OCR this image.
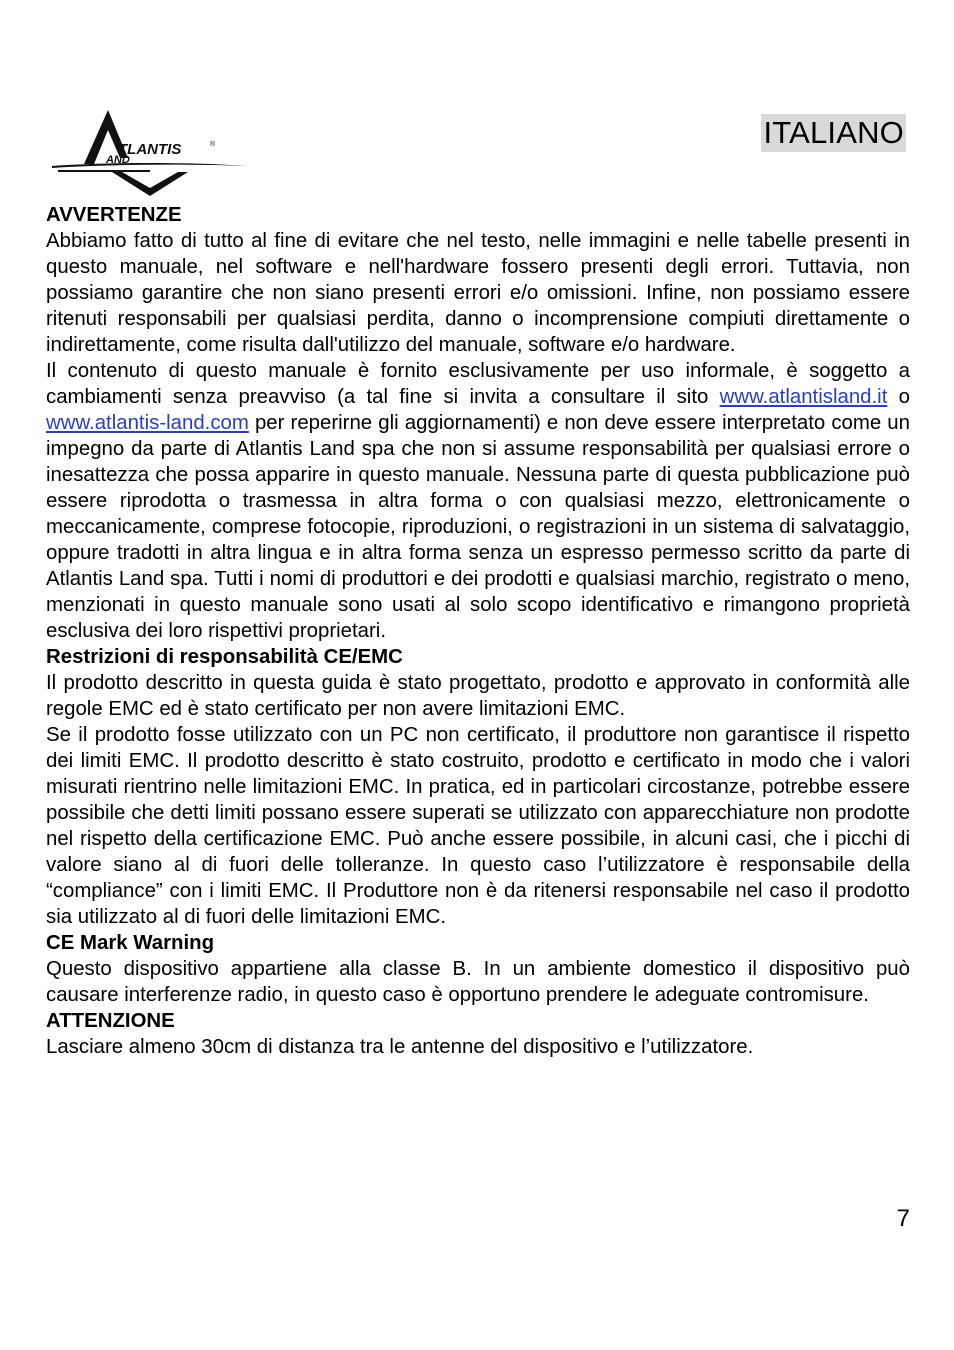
TLANTIS	®
AND
ITALIANO
AVVERTENZE

Abbiamo fatto di tutto al fine di evitare che nel testo, nelle immagini e nelle tabelle presenti in questo manuale, nel software e nell'hardware fossero presenti degli errori. Tuttavia, non possiamo garantire che non siano presenti errori e/o omissioni. Infine, non possiamo essere ritenuti responsabili per qualsiasi perdita, danno o incomprensione compiuti direttamente o indirettamente, come risulta dall'utilizzo del manuale, software e/o hardware.

Il contenuto di questo manuale è fornito esclusivamente per uso informale, è soggetto a cambiamenti senza preavviso (a tal fine si invita a consultare il sito www.atlantisland.it o www.atlantis-land.com per reperirne gli aggiornamenti) e non deve essere interpretato come un impegno da parte di Atlantis Land spa che non si assume responsabilità per qualsiasi errore o inesattezza che possa apparire in questo manuale. Nessuna parte di questa pubblicazione può essere riprodotta o trasmessa in altra forma o con qualsiasi mezzo, elettronicamente o meccanicamente, comprese fotocopie, riproduzioni, o registrazioni in un sistema di salvataggio, oppure tradotti in altra lingua e in altra forma senza un espresso permesso scritto da parte di Atlantis Land spa. Tutti i nomi di produttori e dei prodotti e qualsiasi marchio, registrato o meno, menzionati in questo manuale sono usati al solo scopo identificativo e rimangono proprietà esclusiva dei loro rispettivi proprietari.

Restrizioni di responsabilità CE/EMC

Il prodotto descritto in questa guida è stato progettato, prodotto e approvato in conformità alle regole EMC ed è stato certificato per non avere limitazioni EMC.

Se il prodotto fosse utilizzato con un PC non certificato, il produttore non garantisce il rispetto dei limiti EMC. Il prodotto descritto è stato costruito, prodotto e certificato in modo che i valori misurati rientrino nelle limitazioni EMC. In pratica, ed in particolari circostanze, potrebbe essere possibile che detti limiti possano essere superati se utilizzato con apparecchiature non prodotte nel rispetto della certificazione EMC. Può anche essere possibile, in alcuni casi, che i picchi di valore siano al di fuori delle tolleranze. In questo caso l’utilizzatore è responsabile della “compliance” con i limiti EMC. Il Produttore non è da ritenersi responsabile nel caso il prodotto sia utilizzato al di fuori delle limitazioni EMC.

CE Mark Warning

Questo dispositivo appartiene alla classe B. In un ambiente domestico il dispositivo può causare interferenze radio, in questo caso è opportuno prendere le adeguate contromisure.

ATTENZIONE

Lasciare almeno 30cm di distanza tra le antenne del dispositivo e l’utilizzatore.

7
